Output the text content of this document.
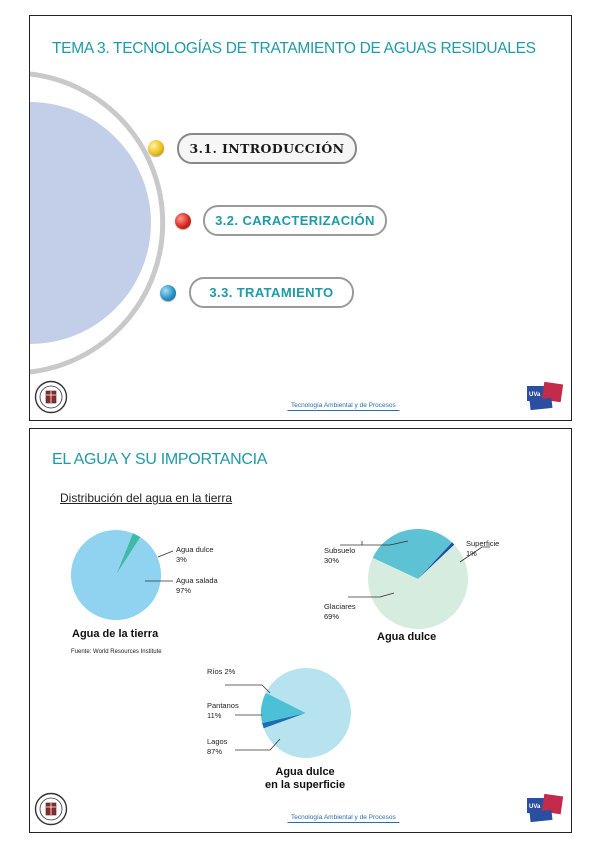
TEMA 3. TECNOLOGÍAS DE TRATAMIENTO DE AGUAS RESIDUALES
3.1. INTRODUCCIÓN
3.2. CARACTERIZACIÓN
3.3. TRATAMIENTO
Tecnología Ambiental y de Procesos
UVa
EL AGUA Y SU IMPORTANCIA
Distribución del agua en la tierra
Agua dulce
3%
Agua salada
97%
Agua de la tierra
Fuente: World Resources Institute
Subsuelo
30%
Superficie
1%
Glaciares
69%
Agua dulce
Ríos 2%
Pantanos
11%
Lagos
87%
Agua dulce
en la superficie
Tecnología Ambiental y de Procesos
UVa
